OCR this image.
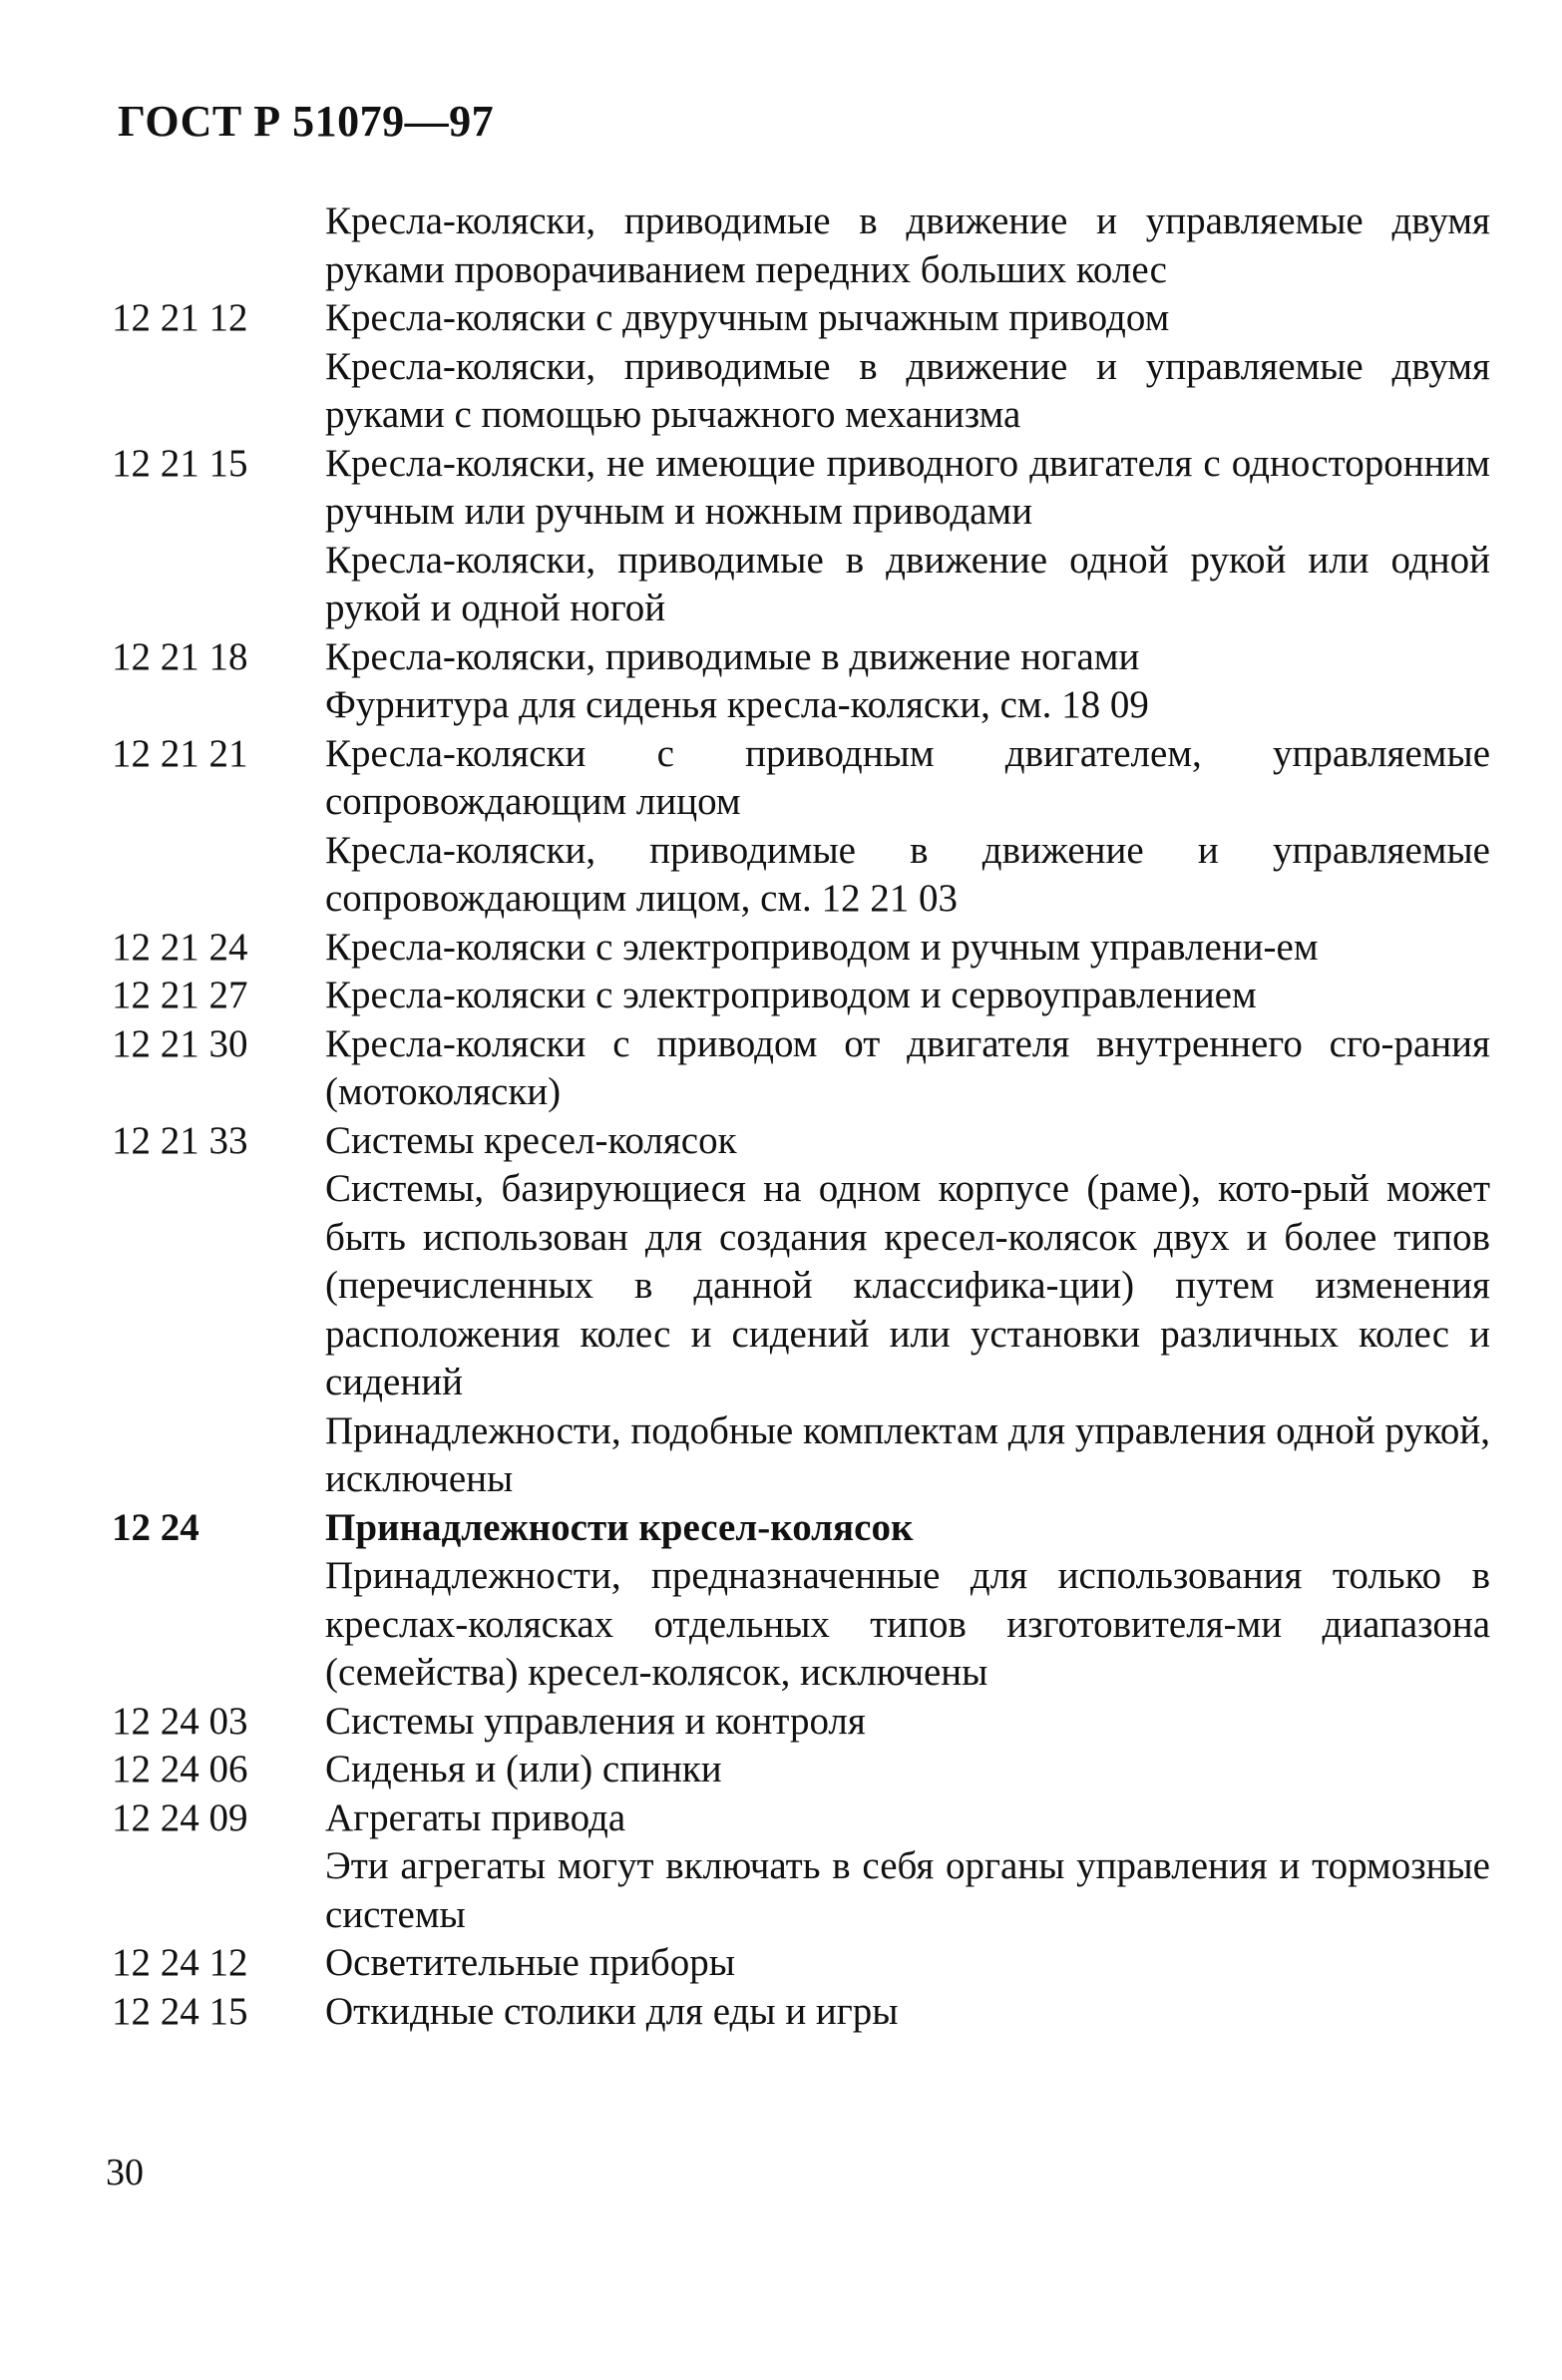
ГОСТ Р 51079—97
Кресла-коляски, приводимые в движение и управляемые двумя руками проворачиванием передних больших колес
12 21 12	Кресла-коляски с двуручным рычажным приводом
Кресла-коляски, приводимые в движение и управляемые двумя руками с помощью рычажного механизма
12 21 15	Кресла-коляски, не имеющие приводного двигателя с односторонним ручным или ручным и ножным приводами
Кресла-коляски, приводимые в движение одной рукой или одной рукой и одной ногой
12 21 18	Кресла-коляски, приводимые в движение ногами
Фурнитура для сиденья кресла-коляски, см. 18 09
12 21 21	Кресла-коляски с приводным двигателем, управляемые сопровождающим лицом
Кресла-коляски, приводимые в движение и управляемые сопровождающим лицом, см. 12 21 03
12 21 24	Кресла-коляски с электроприводом и ручным управлени-ем
12 21 27	Кресла-коляски с электроприводом и сервоуправлением
12 21 30	Кресла-коляски с приводом от двигателя внутреннего сго-рания (мотоколяски)
12 21 33	Системы кресел-колясок
Системы, базирующиеся на одном корпусе (раме), кото-рый может быть использован для создания кресел-колясок двух и более типов (перечисленных в данной классифика-ции) путем изменения расположения колес и сидений или установки различных колес и сидений
Принадлежности, подобные комплектам для управления одной рукой, исключены
12 24	Принадлежности кресел-колясок
Принадлежности, предназначенные для использования только в креслах-колясках отдельных типов изготовителя-ми диапазона (семейства) кресел-колясок, исключены
12 24 03	Системы управления и контроля
12 24 06	Сиденья и (или) спинки
12 24 09	Агрегаты привода
Эти агрегаты могут включать в себя органы управления и тормозные системы
12 24 12	Осветительные приборы
12 24 15	Откидные столики для еды и игры
30
